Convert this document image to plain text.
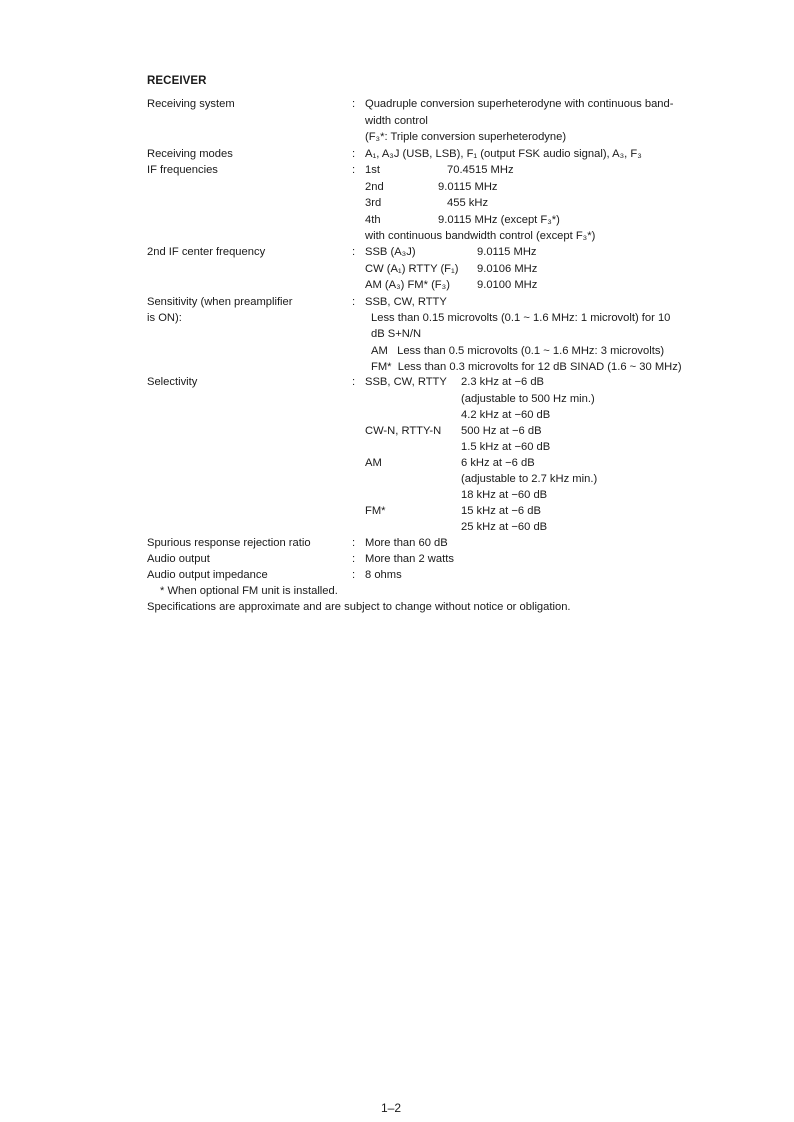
RECEIVER
Receiving system	: Quadruple conversion superheterodyne with continuous band-
width control
(F₃*: Triple conversion superheterodyne)
Receiving modes	: A₁, A₃J (USB, LSB), F₁ (output FSK audio signal), A₃, F₃
IF frequencies	: 1st	70.4515 MHz
2nd	9.0115 MHz
3rd	455 kHz
4th	9.0115 MHz (except F₃*)
with continuous bandwidth control (except F₃*)
2nd IF center frequency	: SSB (A₃J)	9.0115 MHz
CW (A₁) RTTY (F₁) 9.0106 MHz
AM (A₃) FM* (F₃) 9.0100 MHz
Sensitivity (when preamplifier
is ON):
: SSB, CW, RTTY
Less than 0.15 microvolts (0.1 ~ 1.6 MHz: 1 microvolt) for 10
dB S+N/N
AM   Less than 0.5 microvolts (0.1 ~ 1.6 MHz: 3 microvolts)
FM*  Less than 0.3 microvolts for 12 dB SINAD (1.6 ~ 30 MHz)
Selectivity	: SSB, CW, RTTY 2.3 kHz at −6 dB
(adjustable to 500 Hz min.)
4.2 kHz at −60 dB
CW-N, RTTY-N 500 Hz at −6 dB
1.5 kHz at −60 dB
AM	6 kHz at −6 dB
(adjustable to 2.7 kHz min.)
18 kHz at −60 dB
FM*	15 kHz at −6 dB
25 kHz at −60 dB
Spurious response rejection ratio	: More than 60 dB
Audio output	: More than 2 watts
Audio output impedance	: 8 ohms
* When optional FM unit is installed.
Specifications are approximate and are subject to change without notice or obligation.
1–2
